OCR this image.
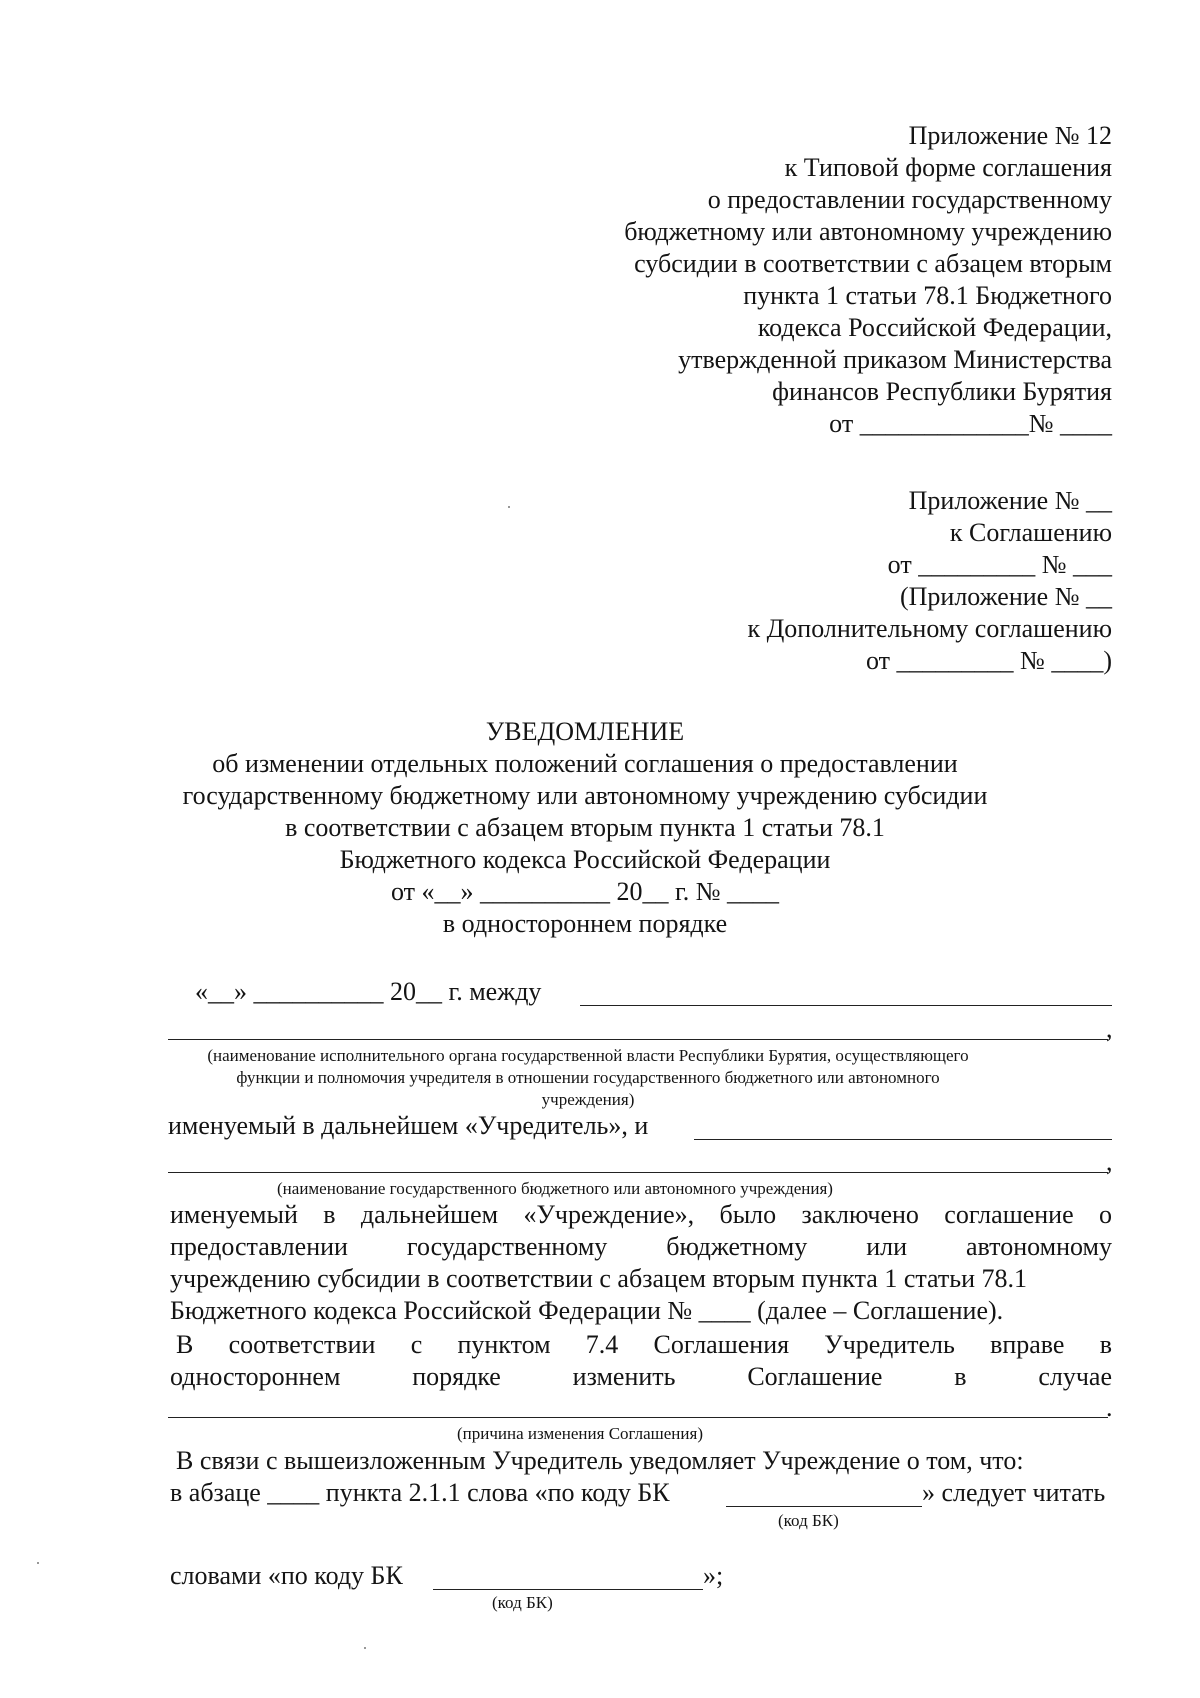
Приложение № 12
к Типовой форме соглашения
о предоставлении государственному
бюджетному или автономному учреждению
субсидии в соответствии с абзацем вторым
пункта 1 статьи 78.1 Бюджетного
кодекса Российской Федерации,
утвержденной приказом Министерства
финансов Республики Бурятия
от _____________№ ____
Приложение № __
к Соглашению
от _________ № ___
(Приложение № __
к Дополнительному соглашению
от _________ № ____)
УВЕДОМЛЕНИЕ
об изменении отдельных положений соглашения о предоставлении
государственному бюджетному или автономному учреждению субсидии
в соответствии с абзацем вторым пункта 1 статьи 78.1
Бюджетного кодекса Российской Федерации
от «__» __________ 20__ г. № ____
в одностороннем порядке
«__» __________ 20__ г. между
,
(наименование исполнительного органа государственной власти Республики Бурятия, осуществляющего
функции и полномочия учредителя в отношении государственного бюджетного или автономного
учреждения)
именуемый в дальнейшем «Учредитель», и
,
(наименование государственного бюджетного или автономного учреждения)
именуемый в дальнейшем «Учреждение», было заключено соглашение о
предоставлении государственному бюджетному или автономному
учреждению субсидии в соответствии с абзацем вторым пункта 1 статьи 78.1
Бюджетного кодекса Российской Федерации № ____ (далее – Соглашение).
В соответствии с пунктом 7.4 Соглашения Учредитель вправе в
одностороннем	порядке	изменить	Соглашение	в	случае
.
(причина изменения Соглашения)
В связи с вышеизложенным Учредитель уведомляет Учреждение о том, что:
в абзаце ____ пункта 2.1.1 слова «по коду БК	» следует читать
(код БК)
словами «по коду БК	»;
(код БК)
